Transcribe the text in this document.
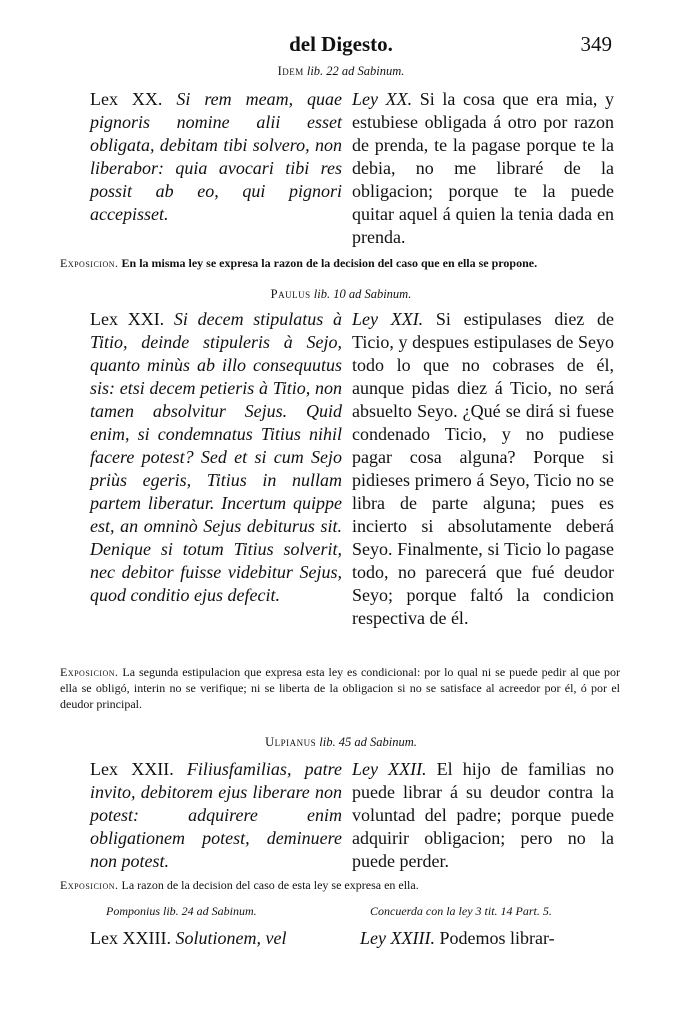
del Digesto.	349
Idem lib. 22 ad Sabinum.
Lex XX. Si rem meam, quae pignoris nomine alii esset obligata, debitam tibi solvero, non liberabor: quia avocari tibi res possit ab eo, qui pignori accepisset.
Ley XX. Si la cosa que era mia, y estubiese obligada á otro por razon de prenda, te la pagase porque te la debia, no me libraré de la obligacion; porque te la puede quitar aquel á quien la tenia dada en prenda.
Exposicion. En la misma ley se expresa la razon de la decision del caso que en ella se propone.
Paulus lib. 10 ad Sabinum.
Lex XXI. Si decem stipulatus à Titio, deinde stipuleris à Sejo, quanto minùs ab illo consequutus sis: etsi decem petieris à Titio, non tamen absolvitur Sejus. Quid enim, si condemnatus Titius nihil facere potest? Sed et si cum Sejo priùs egeris, Titius in nullam partem liberatur. Incertum quippe est, an omninò Sejus debiturus sit. Denique si totum Titius solverit, nec debitor fuisse videbitur Sejus, quod conditio ejus defecit.
Ley XXI. Si estipulases diez de Ticio, y despues estipulases de Seyo todo lo que no cobrases de él, aunque pidas diez á Ticio, no será absuelto Seyo. ¿Qué se dirá si fuese condenado Ticio, y no pudiese pagar cosa alguna? Porque si pidieses primero á Seyo, Ticio no se libra de parte alguna; pues es incierto si absolutamente deberá Seyo. Finalmente, si Ticio lo pagase todo, no parecerá que fué deudor Seyo; porque faltó la condicion respectiva de él.
Exposicion. La segunda estipulacion que expresa esta ley es condicional: por lo qual ni se puede pedir al que por ella se obligó, interin no se verifique; ni se liberta de la obligacion si no se satisface al acreedor por él, ó por el deudor principal.
Ulpianus lib. 45 ad Sabinum.
Lex XXII. Filiusfamilias, patre invito, debitorem ejus liberare non potest: adquirere enim obligationem potest, deminuere non potest.
Ley XXII. El hijo de familias no puede librar á su deudor contra la voluntad del padre; porque puede adquirir obligacion; pero no la puede perder.
Exposicion. La razon de la decision del caso de esta ley se expresa en ella.
Pomponius lib. 24 ad Sabinum.	Concuerda con la ley 3 tit. 14 Part. 5.
Lex XXIII. Solutionem, vel	Ley XXIII. Podemos librar-
